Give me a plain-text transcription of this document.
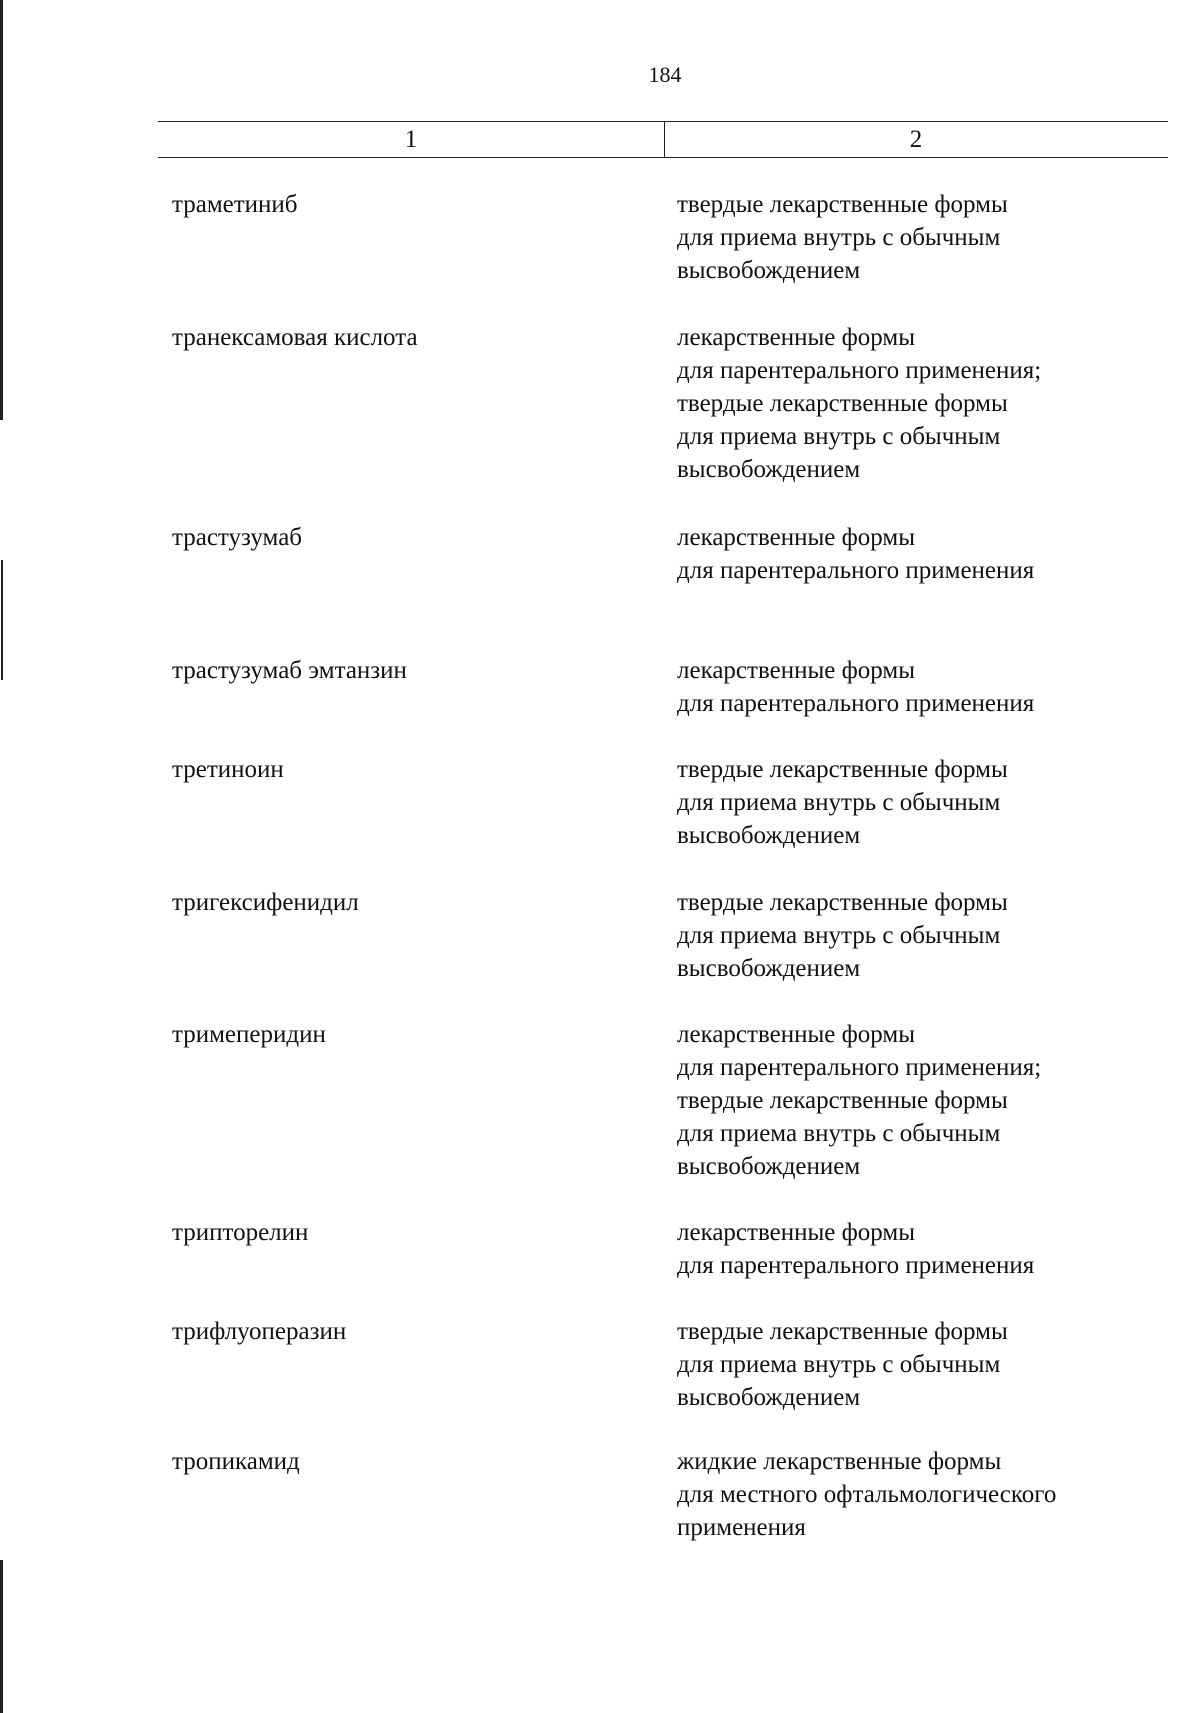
184
1	2
траметиниб	твердые лекарственные формы
для приема внутрь с обычным
высвобождением
транексамовая кислота	лекарственные формы
для парентерального применения;
твердые лекарственные формы
для приема внутрь с обычным
высвобождением
трастузумаб	лекарственные формы
для парентерального применения
трастузумаб эмтанзин	лекарственные формы
для парентерального применения
третиноин	твердые лекарственные формы
для приема внутрь с обычным
высвобождением
тригексифенидил	твердые лекарственные формы
для приема внутрь с обычным
высвобождением
тримеперидин	лекарственные формы
для парентерального применения;
твердые лекарственные формы
для приема внутрь с обычным
высвобождением
трипторелин	лекарственные формы
для парентерального применения
трифлуоперазин	твердые лекарственные формы
для приема внутрь с обычным
высвобождением
тропикамид	жидкие лекарственные формы
для местного офтальмологического
применения
